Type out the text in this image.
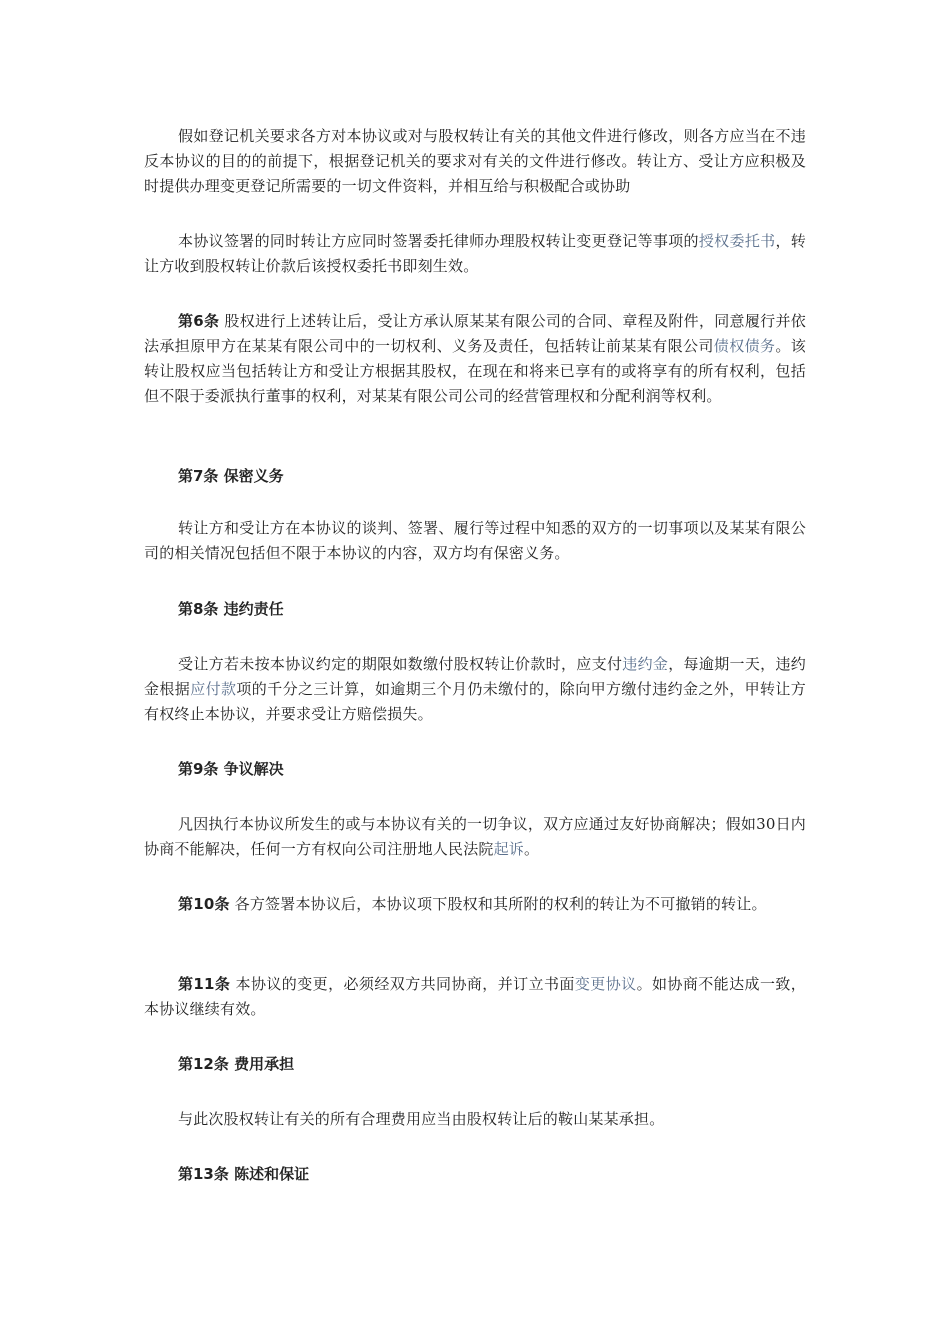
假如登记机关要求各方对本协议或对与股权转让有关的其他文件进行修改，则各方应当在不违反本协议的目的的前提下，根据登记机关的要求对有关的文件进行修改。转让方、受让方应积极及时提供办理变更登记所需要的一切文件资料，并相互给与积极配合或协助

本协议签署的同时转让方应同时签署委托律师办理股权转让变更登记等事项的授权委托书，转让方收到股权转让价款后该授权委托书即刻生效。

第6条 股权进行上述转让后，受让方承认原某某有限公司的合同、章程及附件，同意履行并依法承担原甲方在某某有限公司中的一切权利、义务及责任，包括转让前某某有限公司债权债务。该转让股权应当包括转让方和受让方根据其股权，在现在和将来已享有的或将享有的所有权利，包括但不限于委派执行董事的权利，对某某有限公司公司的经营管理权和分配利润等权利。

第7条 保密义务

转让方和受让方在本协议的谈判、签署、履行等过程中知悉的双方的一切事项以及某某有限公司的相关情况包括但不限于本协议的内容，双方均有保密义务。

第8条 违约责任

受让方若未按本协议约定的期限如数缴付股权转让价款时，应支付违约金，每逾期一天，违约金根据应付款项的千分之三计算，如逾期三个月仍未缴付的，除向甲方缴付违约金之外，甲转让方有权终止本协议，并要求受让方赔偿损失。

第9条 争议解决

凡因执行本协议所发生的或与本协议有关的一切争议，双方应通过友好协商解决；假如30日内协商不能解决，任何一方有权向公司注册地人民法院起诉。

第10条 各方签署本协议后，本协议项下股权和其所附的权利的转让为不可撤销的转让。

第11条 本协议的变更，必须经双方共同协商，并订立书面变更协议。如协商不能达成一致，本协议继续有效。

第12条 费用承担

与此次股权转让有关的所有合理费用应当由股权转让后的鞍山某某承担。

第13条 陈述和保证
